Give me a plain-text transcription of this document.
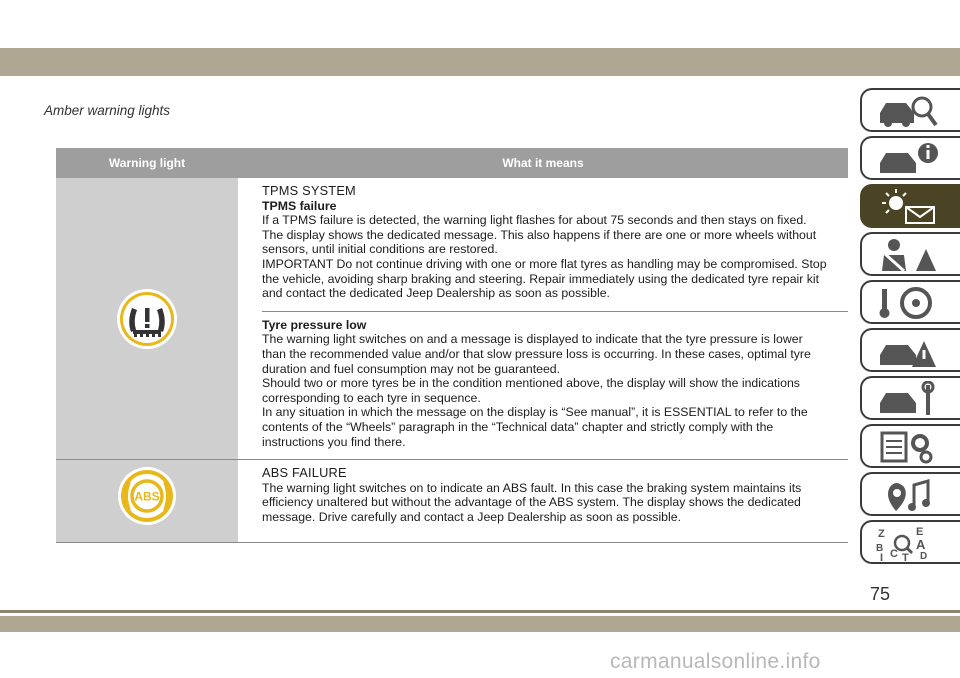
Amber warning lights
Warning light	What it means
TPMS SYSTEM
TPMS failure
If a TPMS failure is detected, the warning light flashes for about 75 seconds and then stays on fixed.
The display shows the dedicated message. This also happens if there are one or more wheels without
sensors, until initial conditions are restored.
IMPORTANT Do not continue driving with one or more flat tyres as handling may be compromised. Stop
the vehicle, avoiding sharp braking and steering. Repair immediately using the dedicated tyre repair kit
and contact the dedicated Jeep Dealership as soon as possible.
Tyre pressure low
The warning light switches on and a message is displayed to indicate that the tyre pressure is lower
than the recommended value and/or that slow pressure loss is occurring. In these cases, optimal tyre
duration and fuel consumption may not be guaranteed.
Should two or more tyres be in the condition mentioned above, the display will show the indications
corresponding to each tyre in sequence.
In any situation in which the message on the display is “See manual”, it is ESSENTIAL to refer to the
contents of the “Wheels” paragraph in the “Technical data” chapter and strictly comply with the
instructions you find there.
ABS
ABS FAILURE
The warning light switches on to indicate an ABS fault. In this case the braking system maintains its
efficiency unaltered but without the advantage of the ABS system. The display shows the dedicated
message. Drive carefully and contact a Jeep Dealership as soon as possible.
Z	E
B	A
I C T D
75
carmanualsonline.info
